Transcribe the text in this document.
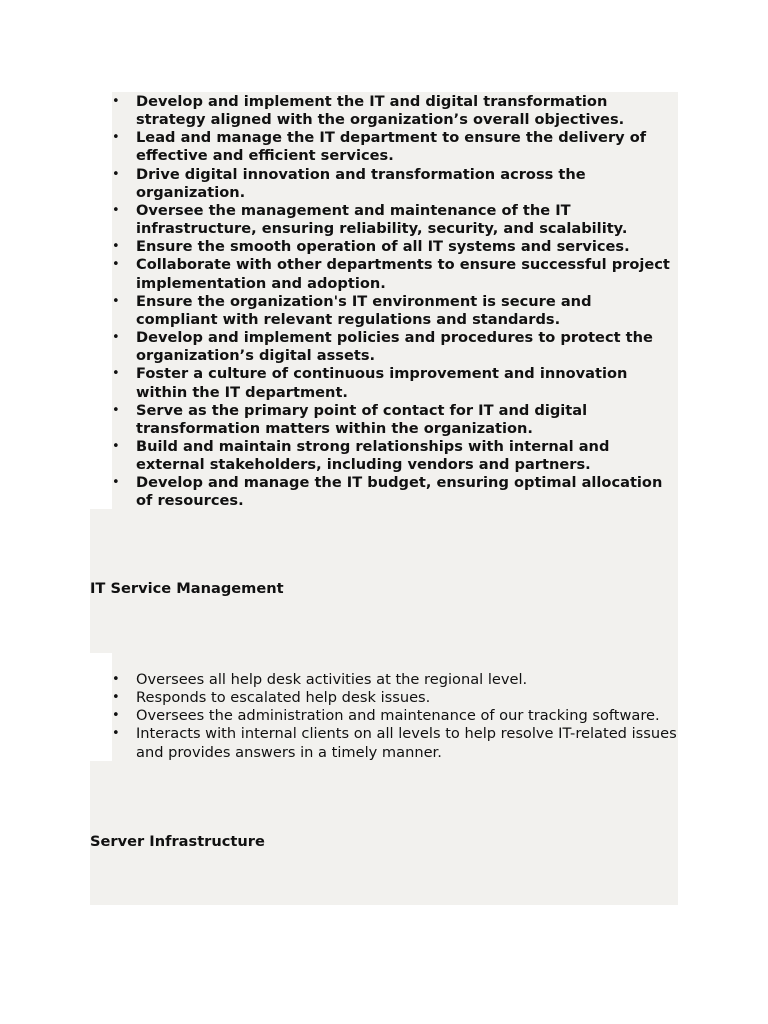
• Develop and implement the IT and digital transformation strategy aligned with the organization’s overall objectives.
• Lead and manage the IT department to ensure the delivery of effective and efficient services.
• Drive digital innovation and transformation across the organization.
• Oversee the management and maintenance of the IT infrastructure, ensuring reliability, security, and scalability.
• Ensure the smooth operation of all IT systems and services.
• Collaborate with other departments to ensure successful project implementation and adoption.
• Ensure the organization's IT environment is secure and compliant with relevant regulations and standards.
• Develop and implement policies and procedures to protect the organization’s digital assets.
• Foster a culture of continuous improvement and innovation within the IT department.
• Serve as the primary point of contact for IT and digital transformation matters within the organization.
• Build and maintain strong relationships with internal and external stakeholders, including vendors and partners.
• Develop and manage the IT budget, ensuring optimal allocation of resources.
IT Service Management
• Oversees all help desk activities at the regional level.
• Responds to escalated help desk issues.
• Oversees the administration and maintenance of our tracking software.
• Interacts with internal clients on all levels to help resolve IT-related issues and provides answers in a timely manner.
Server Infrastructure
